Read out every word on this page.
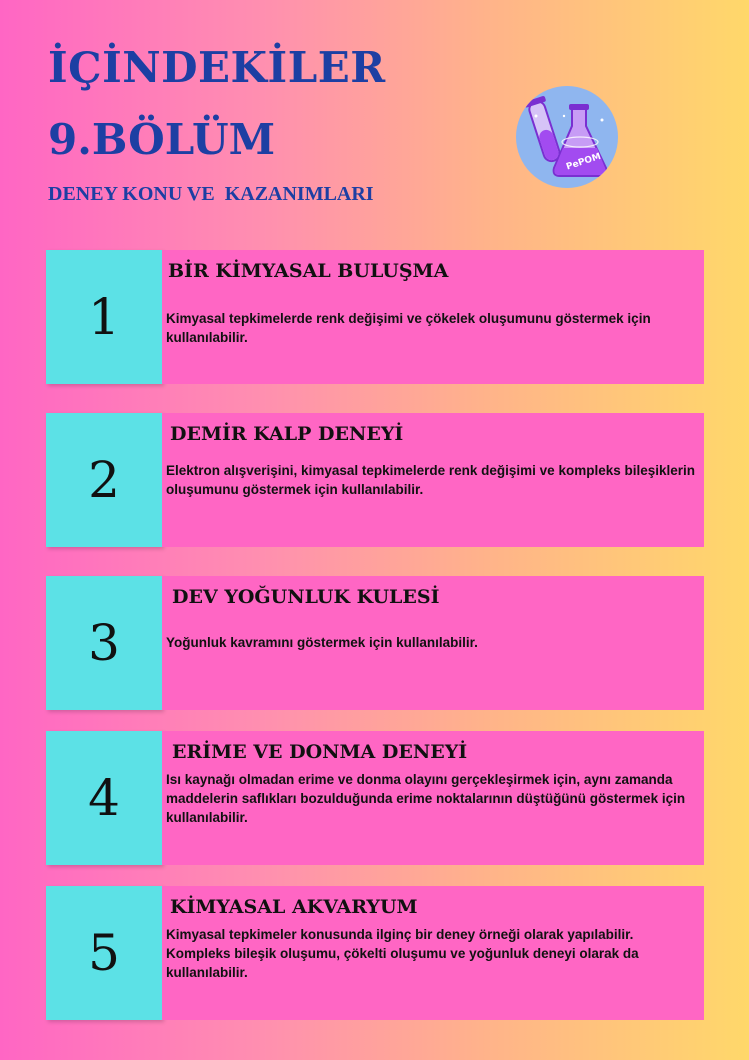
İÇİNDEKİLER
9.BÖLÜM

DENEY KONU VE  KAZANIMLARI

PePOM
1
BİR KİMYASAL BULUŞMA

Kimyasal tepkimelerde renk değişimi ve çökelek oluşumunu göstermek için kullanılabilir.

2
DEMİR KALP DENEYİ

Elektron alışverişini, kimyasal tepkimelerde renk değişimi ve kompleks bileşiklerin oluşumunu göstermek için kullanılabilir.

3
DEV YOĞUNLUK KULESİ

Yoğunluk kavramını göstermek için kullanılabilir.

4
ERİME VE DONMA DENEYİ

Isı kaynağı olmadan erime ve donma olayını gerçekleşirmek için, aynı zamanda maddelerin saflıkları bozulduğunda erime noktalarının düştüğünü göstermek için kullanılabilir.

5
KİMYASAL AKVARYUM

Kimyasal tepkimeler konusunda ilginç bir deney örneği olarak yapılabilir. Kompleks bileşik oluşumu, çökelti oluşumu ve yoğunluk deneyi olarak da kullanılabilir.
